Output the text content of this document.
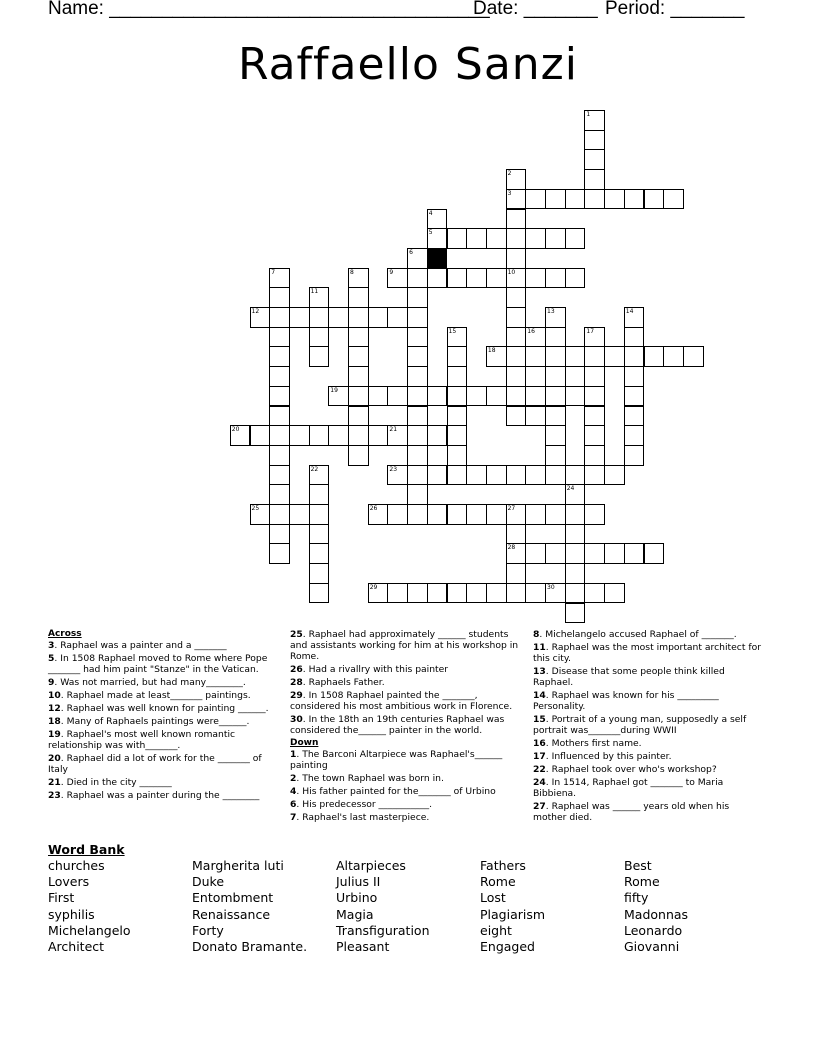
Name: ____________________________________
Date: _______ Period: _______
Raffaello Sanzi
1
2
3
4
5
6
7	8	9	10
11
12	13	14
15	16	17
18
19
20	21
22	23
24
25	26	27
28
29	30

Across

3. Raphael was a painter and a _______

5. In 1508 Raphael moved to Rome where Pope _______ had him paint "Stanze" in the Vatican.

9. Was not married, but had many________.

10. Raphael made at least_______ paintings.

12. Raphael was well known for painting ______.

18. Many of Raphaels paintings were______.

19. Raphael's most well known romantic relationship was with_______.

20. Raphael did a lot of work for the _______ of Italy

21. Died in the city _______

23. Raphael was a painter during the ________

25. Raphael had approximately ______ students and assistants working for him at his workshop in Rome.

26. Had a rivallry with this painter

28. Raphaels Father.

29. In 1508 Raphael painted the _______, considered his most ambitious work in Florence.

30. In the 18th an 19th centuries Raphael was considered the______ painter in the world.

Down

1. The Barconi Altarpiece was Raphael's______ painting

2. The town Raphael was born in.

4. His father painted for the_______ of Urbino

6. His predecessor ___________.

7. Raphael's last masterpiece.

8. Michelangelo accused Raphael of _______.

11. Raphael was the most important architect for this city.

13. Disease that some people think killed Raphael.

14. Raphael was known for his _________ Personality.

15. Portrait of a young man, supposedly a self portrait was_______during WWII

16. Mothers first name.

17. Influenced by this painter.

22. Raphael took over who's workshop?

24. In 1514, Raphael got _______ to Maria Bibbiena.

27. Raphael was ______ years old when his mother died.

Word Bank
churches
Lovers
First
syphilis
Michelangelo
Architect
Margherita luti
Duke
Entombment
Renaissance
Forty
Donato Bramante.
Altarpieces
Julius II
Urbino
Magia
Transfiguration
Pleasant
Fathers
Rome
Lost
Plagiarism
eight
Engaged
Best
Rome
fifty
Madonnas
Leonardo
Giovanni
